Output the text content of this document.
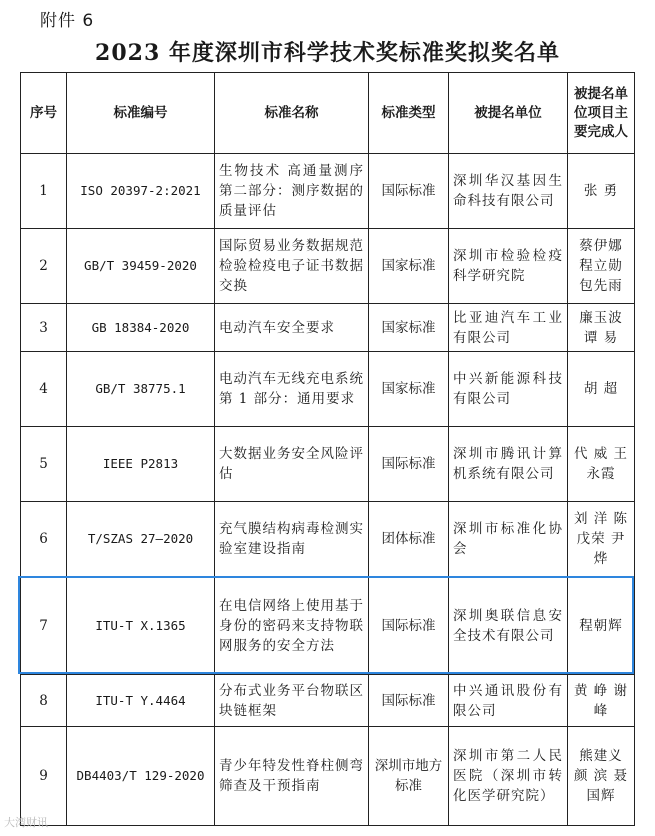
附件 6
2023 年度深圳市科学技术奖标准奖拟奖名单
序号	标准编号	标准名称	标准类型	被提名单位	被提名单位项目主要完成人
1	ISO 20397-2:2021	生物技术 高通量测序 第二部分：测序数据的质量评估	国际标准	深圳华汉基因生命科技有限公司	张 勇
2	GB/T 39459-2020	国际贸易业务数据规范 检验检疫电子证书数据交换	国家标准	深圳市检验检疫科学研究院	蔡伊娜 程立勋 包先雨
3	GB 18384-2020	电动汽车安全要求	国家标准	比亚迪汽车工业有限公司	廉玉波 谭 易
4	GB/T 38775.1	电动汽车无线充电系统 第 1 部分：通用要求	国家标准	中兴新能源科技有限公司	胡 超
5	IEEE P2813	大数据业务安全风险评估	国际标准	深圳市腾讯计算机系统有限公司	代 威 王永霞
6	T/SZAS 27—2020	充气膜结构病毒检测实验室建设指南	团体标准	深圳市标准化协会	刘 洋 陈戊荣 尹 烨
7	ITU-T X.1365	在电信网络上使用基于身份的密码来支持物联网服务的安全方法	国际标准	深圳奥联信息安全技术有限公司	程朝辉
8	ITU-T Y.4464	分布式业务平台物联区块链框架	国际标准	中兴通讯股份有限公司	黄 峥 谢 峰
9	DB4403/T 129-2020	青少年特发性脊柱侧弯筛查及干预指南	深圳市地方标准	深圳市第二人民医院（深圳市转化医学研究院）	熊建义 颜 滨 聂国辉
大湾财讯
